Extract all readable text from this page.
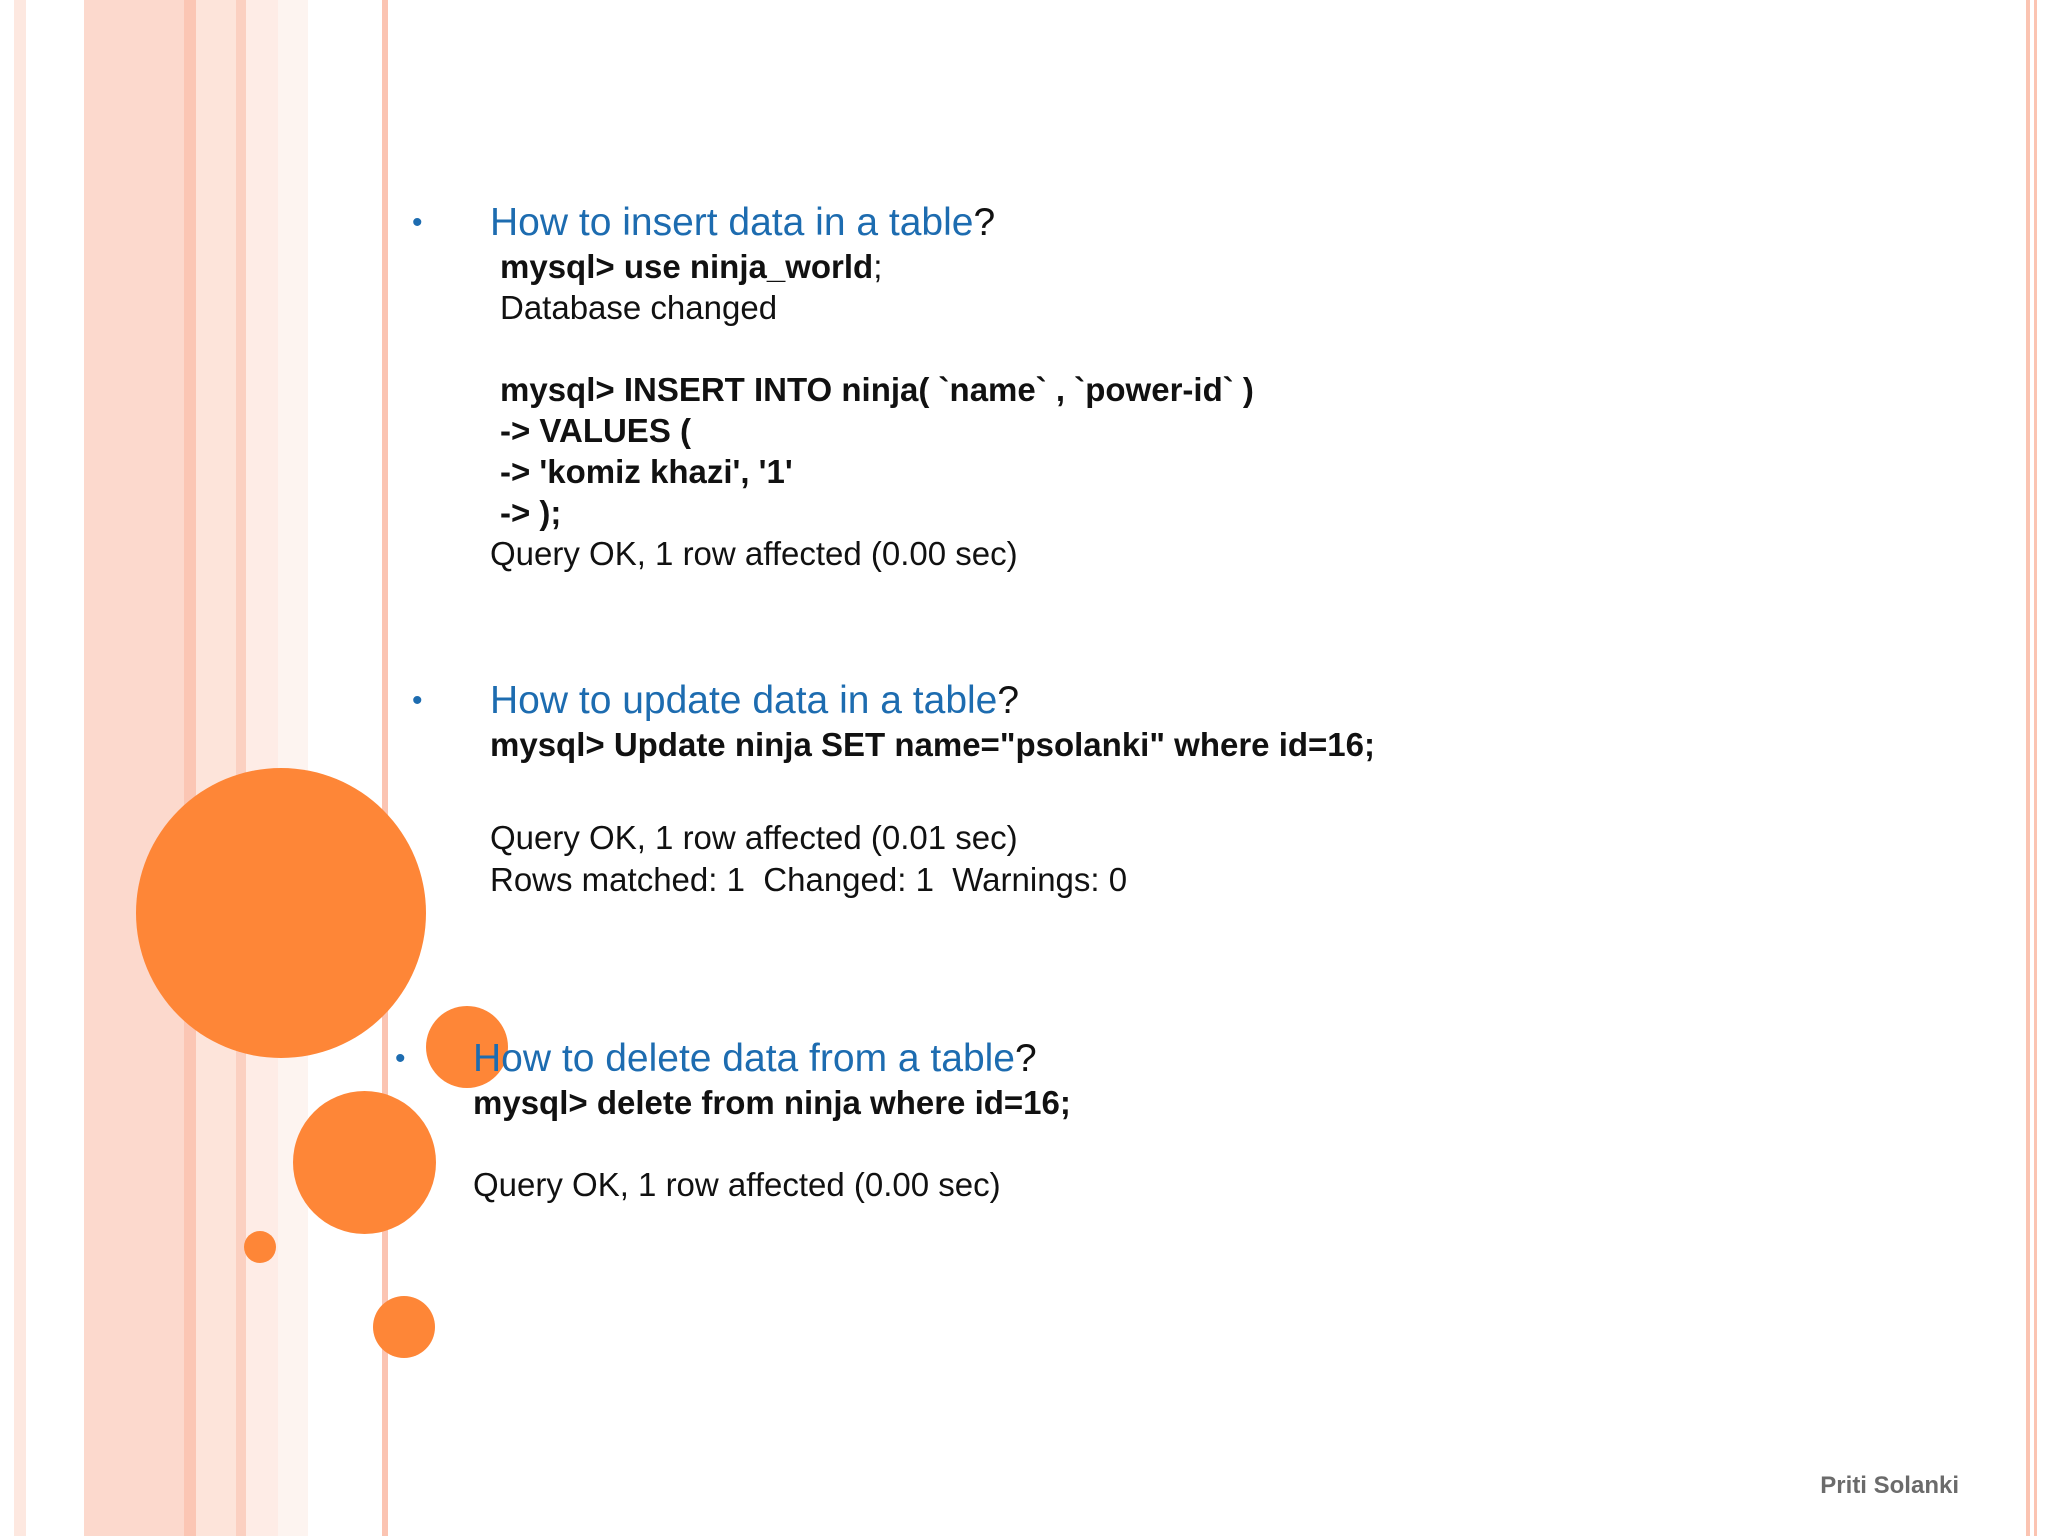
• How to insert data in a table?
mysql> use ninja_world;
Database changed
mysql> INSERT INTO ninja( `name` , `power-id` )
-> VALUES (
-> 'komiz khazi', '1'
-> );
Query OK, 1 row affected (0.00 sec)
• How to update data in a table?
mysql> Update ninja SET name="psolanki" where id=16;
Query OK, 1 row affected (0.01 sec)
Rows matched: 1  Changed: 1  Warnings: 0
• How to delete data from a table?
mysql> delete from ninja where id=16;
Query OK, 1 row affected (0.00 sec)
Priti Solanki
